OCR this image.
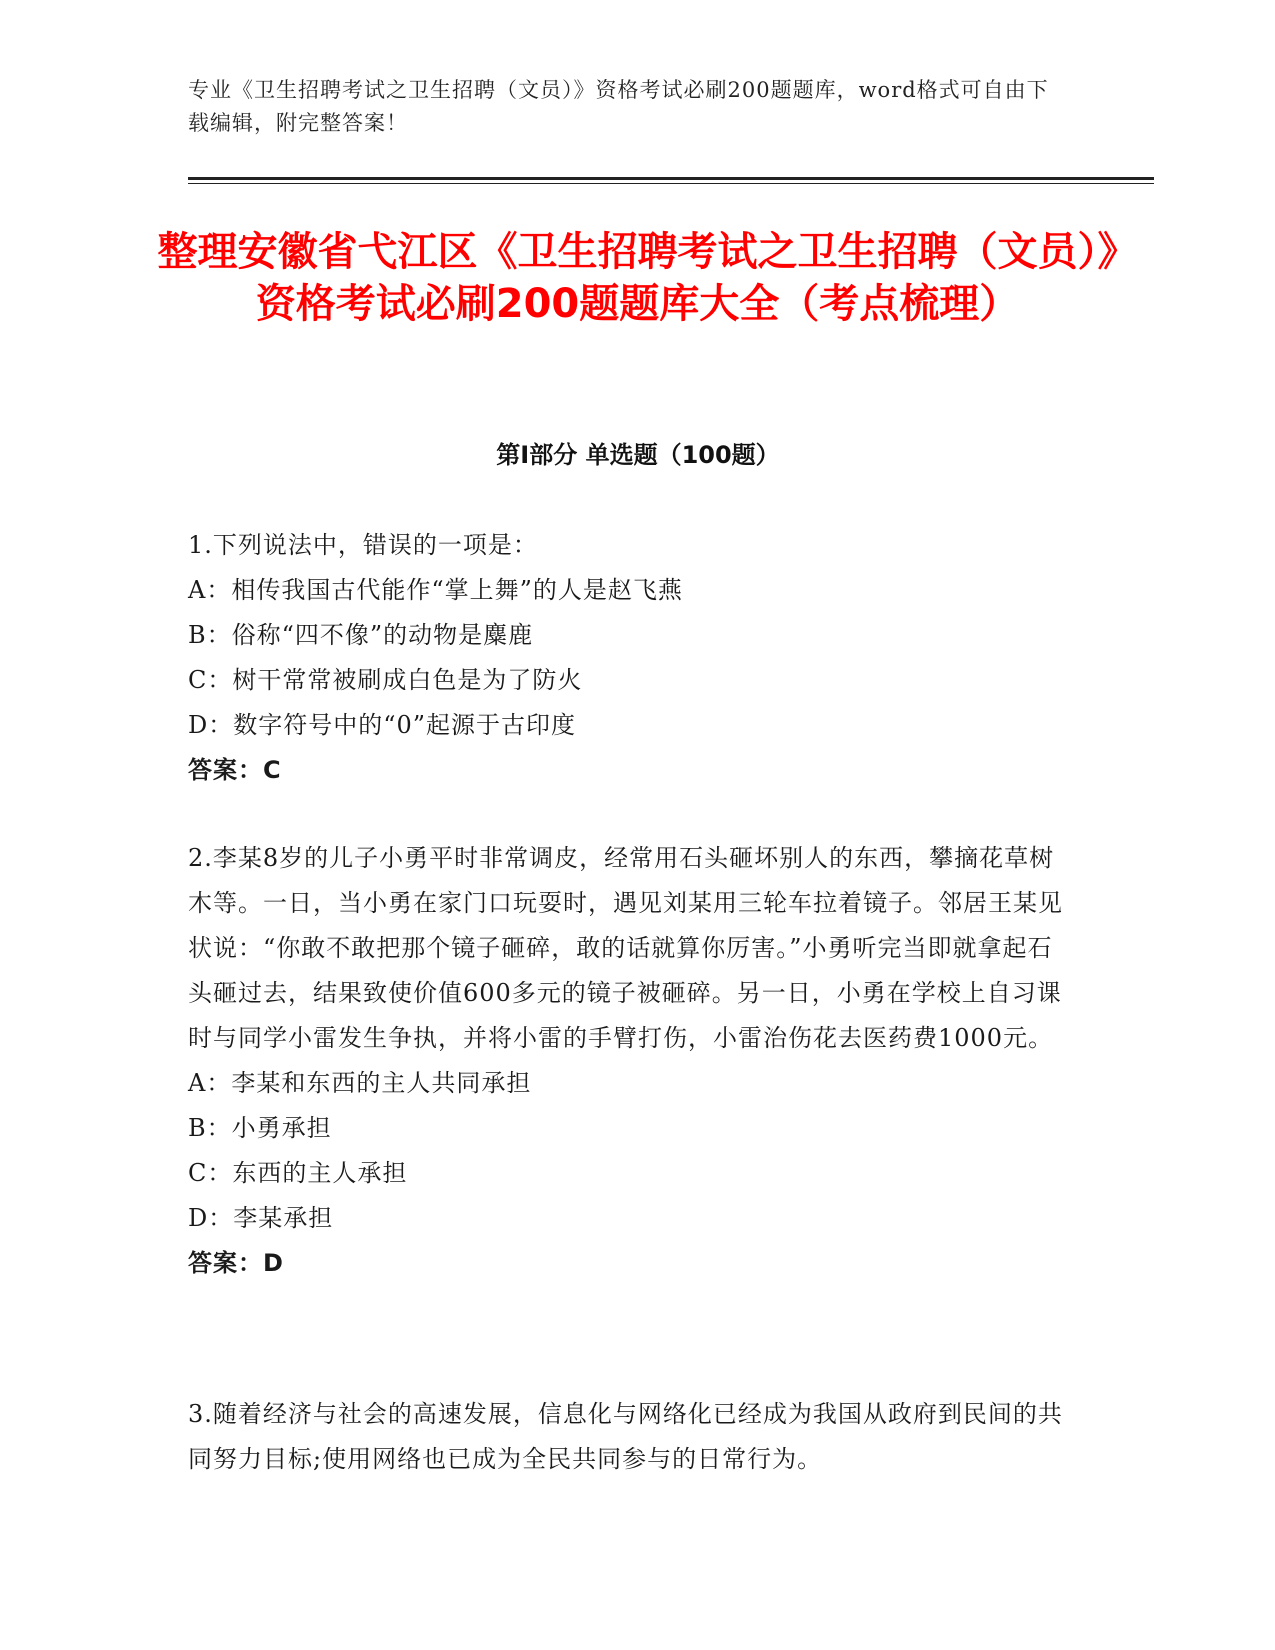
专业《卫生招聘考试之卫生招聘（文员）》资格考试必刷200题题库，word格式可自由下载编辑，附完整答案！
整理安徽省弋江区《卫生招聘考试之卫生招聘（文员）》资格考试必刷200题题库大全（考点梳理）
第I部分 单选题（100题）
1.下列说法中，错误的一项是：
A：相传我国古代能作“掌上舞”的人是赵飞燕
B：俗称“四不像”的动物是麋鹿
C：树干常常被刷成白色是为了防火
D：数字符号中的“0”起源于古印度
答案：C
2.李某8岁的儿子小勇平时非常调皮，经常用石头砸坏别人的东西，攀摘花草树木等。一日，当小勇在家门口玩耍时，遇见刘某用三轮车拉着镜子。邻居王某见状说：“你敢不敢把那个镜子砸碎，敢的话就算你厉害。”小勇听完当即就拿起石头砸过去，结果致使价值600多元的镜子被砸碎。另一日，小勇在学校上自习课时与同学小雷发生争执，并将小雷的手臂打伤，小雷治伤花去医药费1000元。
A：李某和东西的主人共同承担
B：小勇承担
C：东西的主人承担
D：李某承担
答案：D
3.随着经济与社会的高速发展，信息化与网络化已经成为我国从政府到民间的共同努力目标;使用网络也已成为全民共同参与的日常行为。
